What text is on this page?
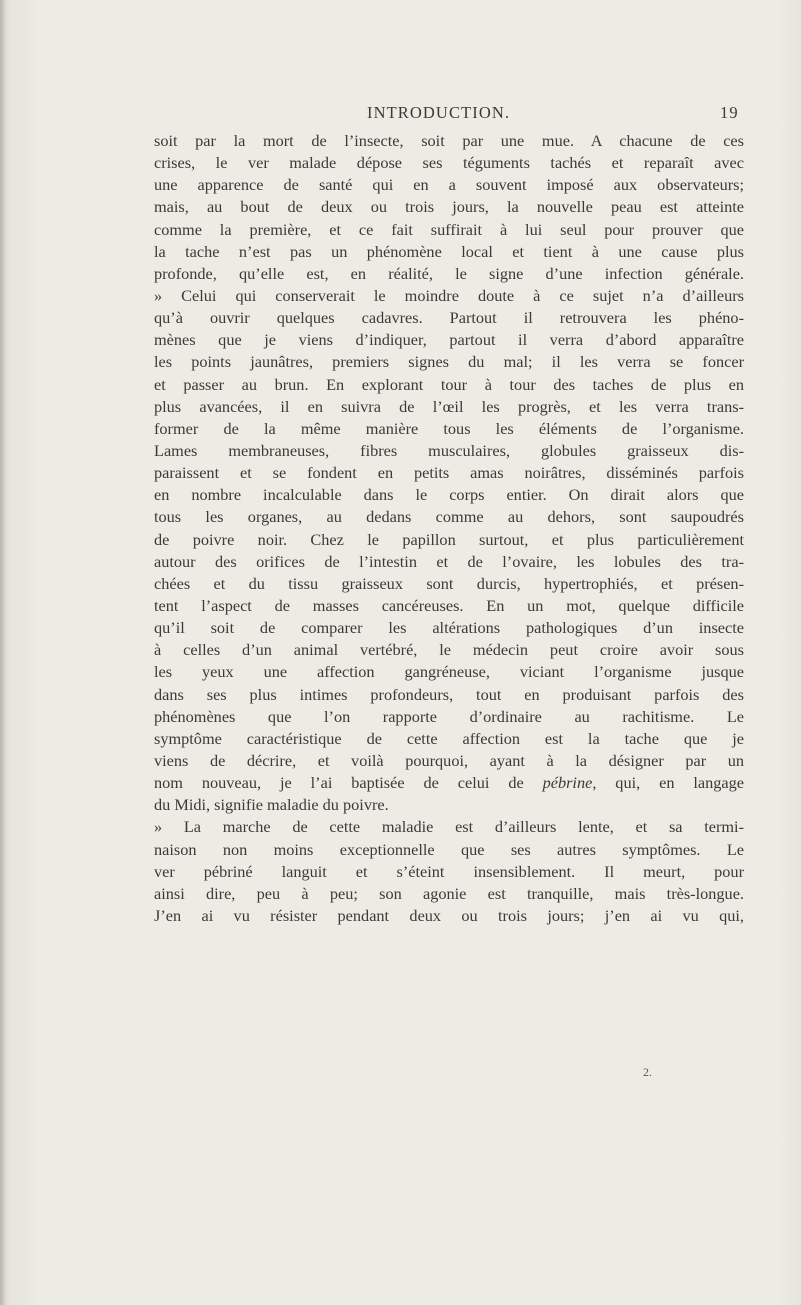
INTRODUCTION.	19
soit par la mort de l’insecte, soit par une mue. A chacune de ces
crises, le ver malade dépose ses téguments tachés et reparaît avec
une apparence de santé qui en a souvent imposé aux observateurs;
mais, au bout de deux ou trois jours, la nouvelle peau est atteinte
comme la première, et ce fait suffirait à lui seul pour prouver que
la tache n’est pas un phénomène local et tient à une cause plus
profonde, qu’elle est, en réalité, le signe d’une infection générale.
» Celui qui conserverait le moindre doute à ce sujet n’a d’ailleurs
qu’à ouvrir quelques cadavres. Partout il retrouvera les phéno-
mènes que je viens d’indiquer, partout il verra d’abord apparaître
les points jaunâtres, premiers signes du mal; il les verra se foncer
et passer au brun. En explorant tour à tour des taches de plus en
plus avancées, il en suivra de l’œil les progrès, et les verra trans-
former de la même manière tous les éléments de l’organisme.
Lames membraneuses, fibres musculaires, globules graisseux dis-
paraissent et se fondent en petits amas noirâtres, disséminés parfois
en nombre incalculable dans le corps entier. On dirait alors que
tous les organes, au dedans comme au dehors, sont saupoudrés
de poivre noir. Chez le papillon surtout, et plus particulièrement
autour des orifices de l’intestin et de l’ovaire, les lobules des tra-
chées et du tissu graisseux sont durcis, hypertrophiés, et présen-
tent l’aspect de masses cancéreuses. En un mot, quelque difficile
qu’il soit de comparer les altérations pathologiques d’un insecte
à celles d’un animal vertébré, le médecin peut croire avoir sous
les yeux une affection gangréneuse, viciant l’organisme jusque
dans ses plus intimes profondeurs, tout en produisant parfois des
phénomènes que l’on rapporte d’ordinaire au rachitisme. Le
symptôme caractéristique de cette affection est la tache que je
viens de décrire, et voilà pourquoi, ayant à la désigner par un
nom nouveau, je l’ai baptisée de celui de pébrine, qui, en langage
du Midi, signifie maladie du poivre.
» La marche de cette maladie est d’ailleurs lente, et sa termi-
naison non moins exceptionnelle que ses autres symptômes. Le
ver pébriné languit et s’éteint insensiblement. Il meurt, pour
ainsi dire, peu à peu; son agonie est tranquille, mais très-longue.
J’en ai vu résister pendant deux ou trois jours; j’en ai vu qui,
2.
